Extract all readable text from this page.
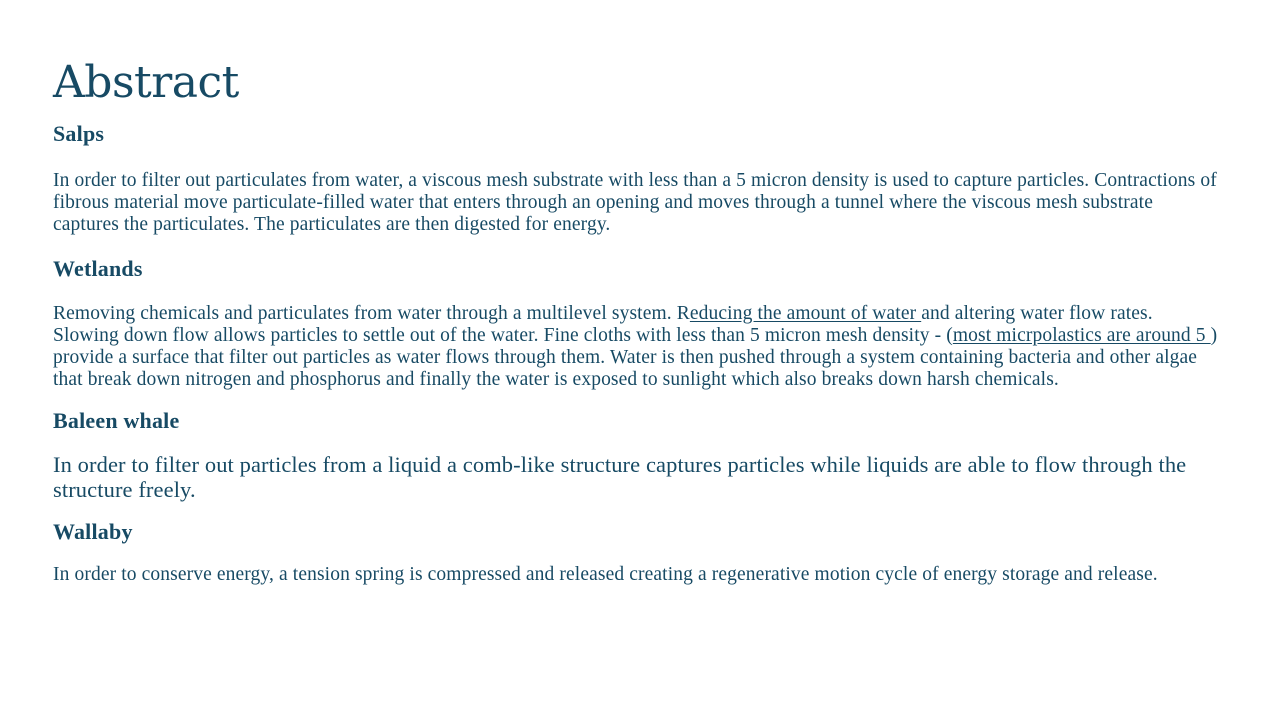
Abstract
Salps

In order to filter out particulates from water, a viscous mesh substrate with less than a 5 micron density is used to capture particles. Contractions of fibrous material move particulate-filled water that enters through an opening and moves through a tunnel where the viscous mesh substrate captures the particulates. The particulates are then digested for energy.

Wetlands

Removing chemicals and particulates from water through a multilevel system. Reducing the amount of water and altering water flow rates. Slowing down flow allows particles to settle out of the water. Fine cloths with less than 5 micron mesh density - (most micrpolastics are around 5 ) provide a surface that filter out particles as water flows through them. Water is then pushed through a system containing bacteria and other algae that break down nitrogen and phosphorus and finally the water is exposed to sunlight which also breaks down harsh chemicals.

Baleen whale

In order to filter out particles from a liquid a comb-like structure captures particles while liquids are able to flow through the structure freely.

Wallaby

In order to conserve energy, a tension spring is compressed and released creating a regenerative motion cycle of energy storage and release.
